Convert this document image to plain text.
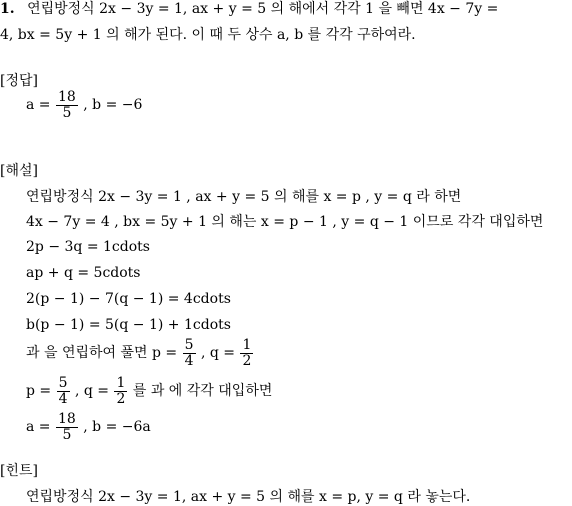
1. 연립방정식 2x − 3y = 1, ax + y = 5 의 해에서 각각 1 을 빼면 4x − 7y =
4, bx = 5y + 1 의 해가 된다. 이 때 두 상수 a, b 를 각각 구하여라.
[정답]
$a = \frac{18}{5}$ , b = −6
[해설]
연립방정식 2x − 3y = 1 , ax + y = 5 의 해를 x = p , y = q 라 하면
4x − 7y = 4 , bx = 5y + 1 의 해는 x = p − 1 , y = q − 1 이므로 각각 대입하면
2p − 3q = 1cdots
ap + q = 5cdots
2(p − 1) − 7(q − 1) = 4cdots
b(p − 1) = 5(q − 1) + 1cdots
과 을 연립하여 풀면 $p = \frac{5}{4}$ , $q = \frac{1}{2}$
$p = \frac{5}{4}$ , $q = \frac{1}{2}$ 를 과 에 각각 대입하면
$a = \frac{18}{5}$ , b = −6a
[힌트]
연립방정식 2x − 3y = 1, ax + y = 5 의 해를 x = p, y = q 라 놓는다.
